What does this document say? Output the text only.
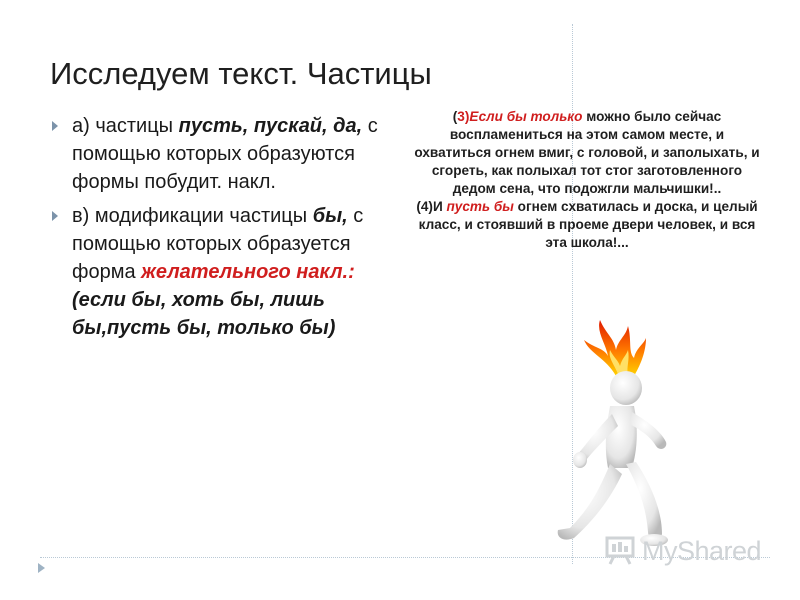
Исследуем текст. Частицы
а) частицы пусть, пускай, да, с помощью которых образуются формы побудит. накл.
в) модификации частицы бы, с помощью которых образуется форма желательного накл.: (если бы, хоть бы, лишь бы,пусть бы, только бы)
(3)Если бы только можно было сейчас воспламениться на этом самом месте, и охватиться огнем вмиг, с головой, и заполыхать, и сгореть, как полыхал тот стог заготовленного дедом сена, что подожгли мальчишки!..
(4)И пусть бы огнем схватилась и доска, и целый класс, и стоявший в проеме двери человек, и вся эта школа!...
MyShared
